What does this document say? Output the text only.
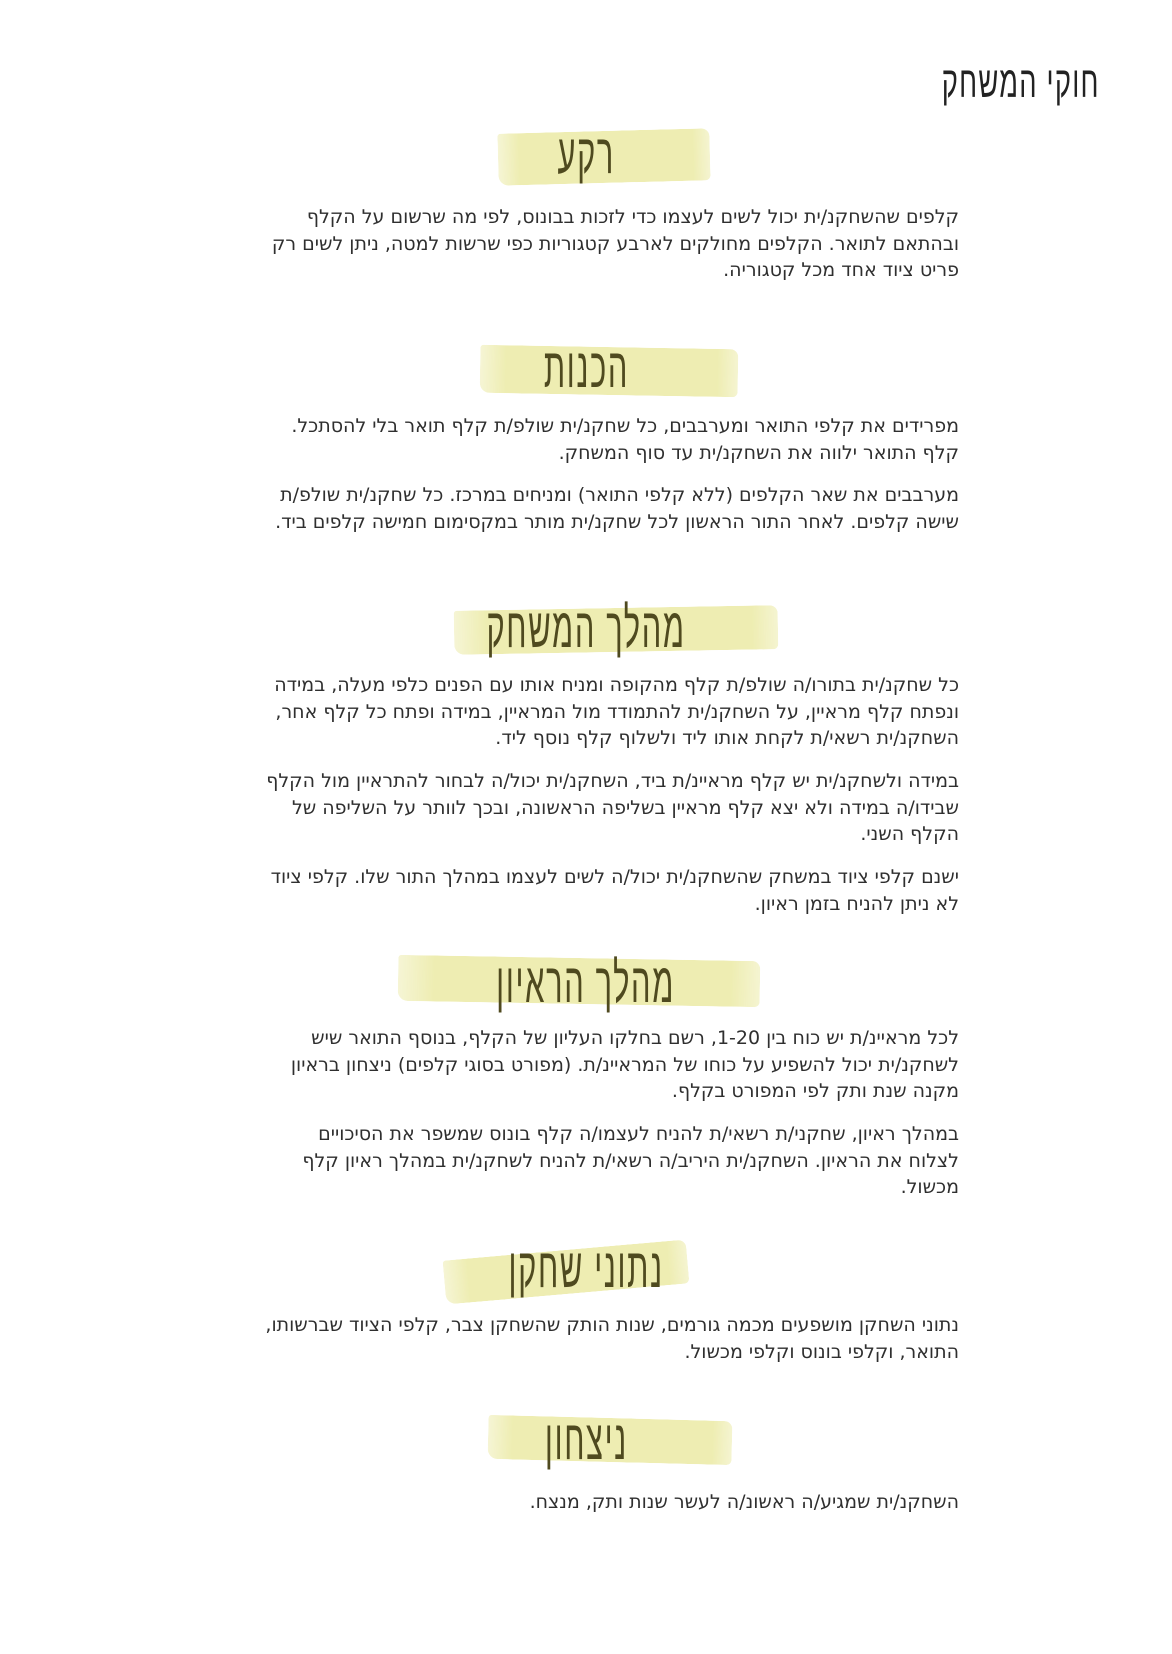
חוקי המשחק
רקע

קלפים שהשחקנ/ית יכול לשים לעצמו כדי לזכות בבונוס, לפי מה שרשום על הקלף ובהתאם לתואר. הקלפים מחולקים לארבע קטגוריות כפי שרשות למטה, ניתן לשים רק פריט ציוד אחד מכל קטגוריה.

הכנות

מפרידים את קלפי התואר ומערבבים, כל שחקנ/ית שולפ/ת קלף תואר בלי להסתכל. קלף התואר ילווה את השחקנ/ית עד סוף המשחק.

מערבבים את שאר הקלפים (ללא קלפי התואר) ומניחים במרכז. כל שחקנ/ית שולפ/ת שישה קלפים. לאחר התור הראשון לכל שחקנ/ית מותר במקסימום חמישה קלפים ביד.

מהלך המשחק

כל שחקנ/ית בתורו/ה שולפ/ת קלף מהקופה ומניח אותו עם הפנים כלפי מעלה, במידה ונפתח קלף מראיין, על השחקנ/ית להתמודד מול המראיין, במידה ופתח כל קלף אחר, השחקנ/ית רשאי/ת לקחת אותו ליד ולשלוף קלף נוסף ליד.

במידה ולשחקנ/ית יש קלף מראיינ/ת ביד, השחקנ/ית יכול/ה לבחור להתראיין מול הקלף שבידו/ה במידה ולא יצא קלף מראיין בשליפה הראשונה, ובכך לוותר על השליפה של הקלף השני.

ישנם קלפי ציוד במשחק שהשחקנ/ית יכול/ה לשים לעצמו במהלך התור שלו. קלפי ציוד לא ניתן להניח בזמן ראיון.

מהלך הראיון

לכל מראיינ/ת יש כוח בין 1-20, רשם בחלקו העליון של הקלף, בנוסף התואר שיש לשחקנ/ית יכול להשפיע על כוחו של המראיינ/ת. (מפורט בסוגי קלפים) ניצחון בראיון מקנה שנת ותק לפי המפורט בקלף.

במהלך ראיון, שחקני/ת רשאי/ת להניח לעצמו/ה קלף בונוס שמשפר את הסיכויים לצלוח את הראיון. השחקנ/ית היריב/ה רשאי/ת להניח לשחקנ/ית במהלך ראיון קלף מכשול.

נתוני שחקן

נתוני השחקן מושפעים מכמה גורמים, שנות הותק שהשחקן צבר, קלפי הציוד שברשותו, התואר, וקלפי בונוס וקלפי מכשול.

ניצחון

השחקנ/ית שמגיע/ה ראשונ/ה לעשר שנות ותק, מנצח.
